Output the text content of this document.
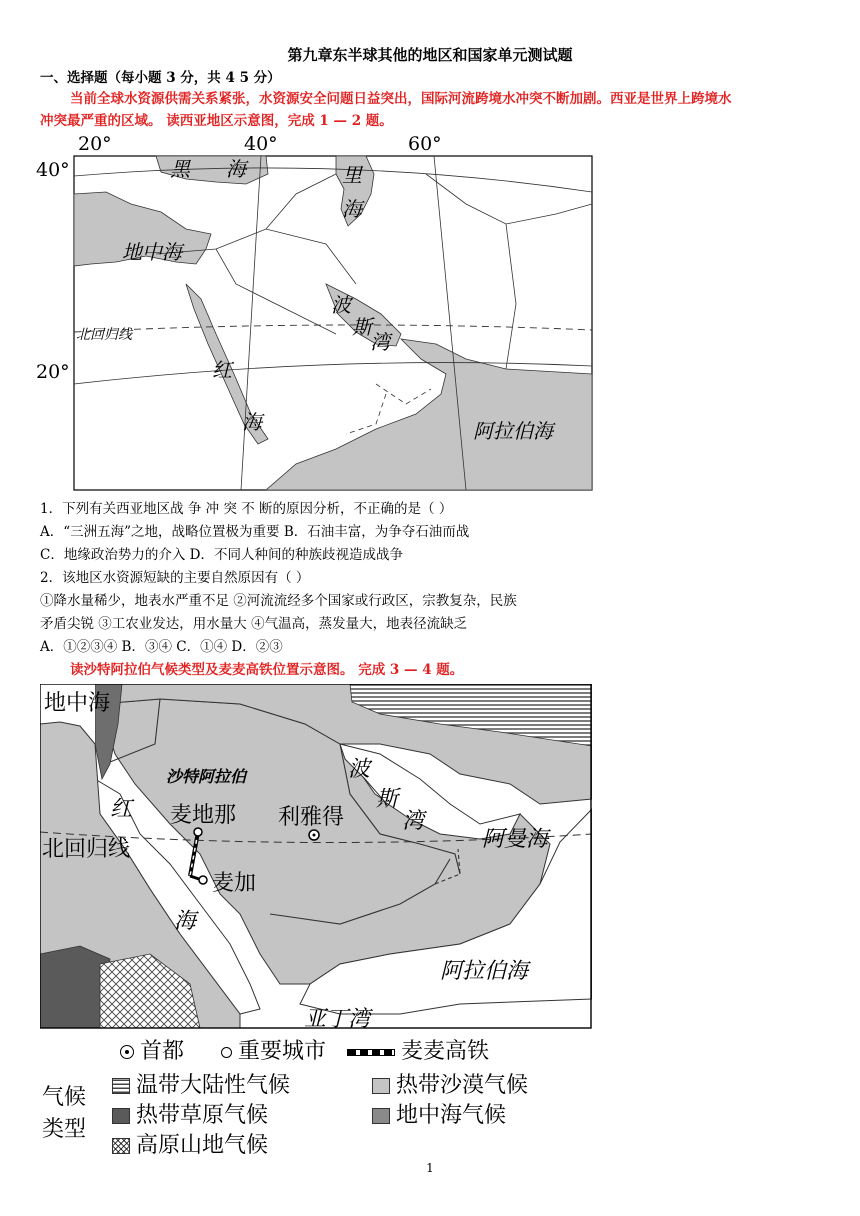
第九章东半球其他的地区和国家单元测试题
一、选择题（每小题 3 分，共 4 5 分）
当前全球水资源供需关系紧张，水资源安全问题日益突出，国际河流跨境水冲突不断加剧。西亚是世界上跨境水
冲突最严重的区域。 读西亚地区示意图，完成 1 — 2 题。
20°	40°	60°
40°
20°
黑 海	里
海
地中海
波
斯
湾
红
海	阿拉伯海
北回归线
1．下列有关西亚地区战 争 冲 突 不 断的原因分析，不正确的是（ ）
A．“三洲五海”之地，战略位置极为重要 B．石油丰富，为争夺石油而战
C．地缘政治势力的介入 D．不同人种间的种族歧视造成战争
2．该地区水资源短缺的主要自然原因有（ ）
①降水量稀少，地表水严重不足 ②河流流经多个国家或行政区，宗教复杂，民族
矛盾尖锐 ③工农业发达，用水量大 ④气温高，蒸发量大，地表径流缺乏
A．①②③④ B．③④ C．①④ D．②③
读沙特阿拉伯气候类型及麦麦高铁位置示意图。 完成 3 — 4 题。
地中海
沙特阿拉伯	波
斯
湾
红
海
麦地那 利雅得
麦加
北回归线	阿曼海
阿拉伯海
亚丁湾
首都 重要城市	麦麦高铁
气候
类型
温带大陆性气候	热带沙漠气候
热带草原气候	地中海气候
高原山地气候
1
